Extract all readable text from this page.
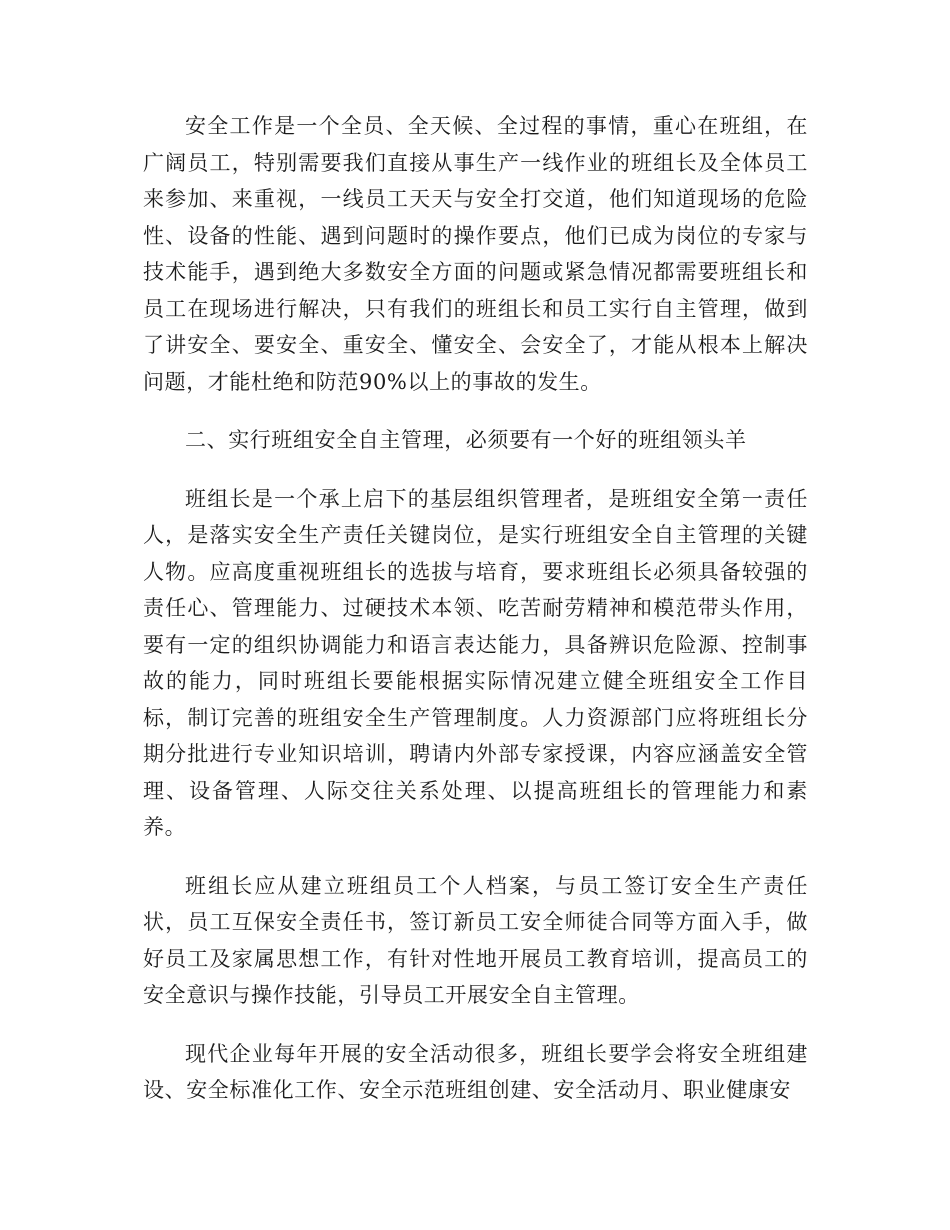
安全工作是一个全员、全天候、全过程的事情，重心在班组，在广阔员工，特别需要我们直接从事生产一线作业的班组长及全体员工来参加、来重视，一线员工天天与安全打交道，他们知道现场的危险性、设备的性能、遇到问题时的操作要点，他们已成为岗位的专家与技术能手，遇到绝大多数安全方面的问题或紧急情况都需要班组长和员工在现场进行解决，只有我们的班组长和员工实行自主管理，做到了讲安全、要安全、重安全、懂安全、会安全了，才能从根本上解决问题，才能杜绝和防范90%以上的事故的发生。

二、实行班组安全自主管理，必须要有一个好的班组领头羊

班组长是一个承上启下的基层组织管理者，是班组安全第一责任人，是落实安全生产责任关键岗位，是实行班组安全自主管理的关键人物。应高度重视班组长的选拔与培育，要求班组长必须具备较强的责任心、管理能力、过硬技术本领、吃苦耐劳精神和模范带头作用，要有一定的组织协调能力和语言表达能力，具备辨识危险源、控制事故的能力，同时班组长要能根据实际情况建立健全班组安全工作目标，制订完善的班组安全生产管理制度。人力资源部门应将班组长分期分批进行专业知识培训，聘请内外部专家授课，内容应涵盖安全管理、设备管理、人际交往关系处理、以提高班组长的管理能力和素养。

班组长应从建立班组员工个人档案，与员工签订安全生产责任状，员工互保安全责任书，签订新员工安全师徒合同等方面入手，做好员工及家属思想工作，有针对性地开展员工教育培训，提高员工的安全意识与操作技能，引导员工开展安全自主管理。

现代企业每年开展的安全活动很多，班组长要学会将安全班组建设、安全标准化工作、安全示范班组创建、安全活动月、职业健康安
